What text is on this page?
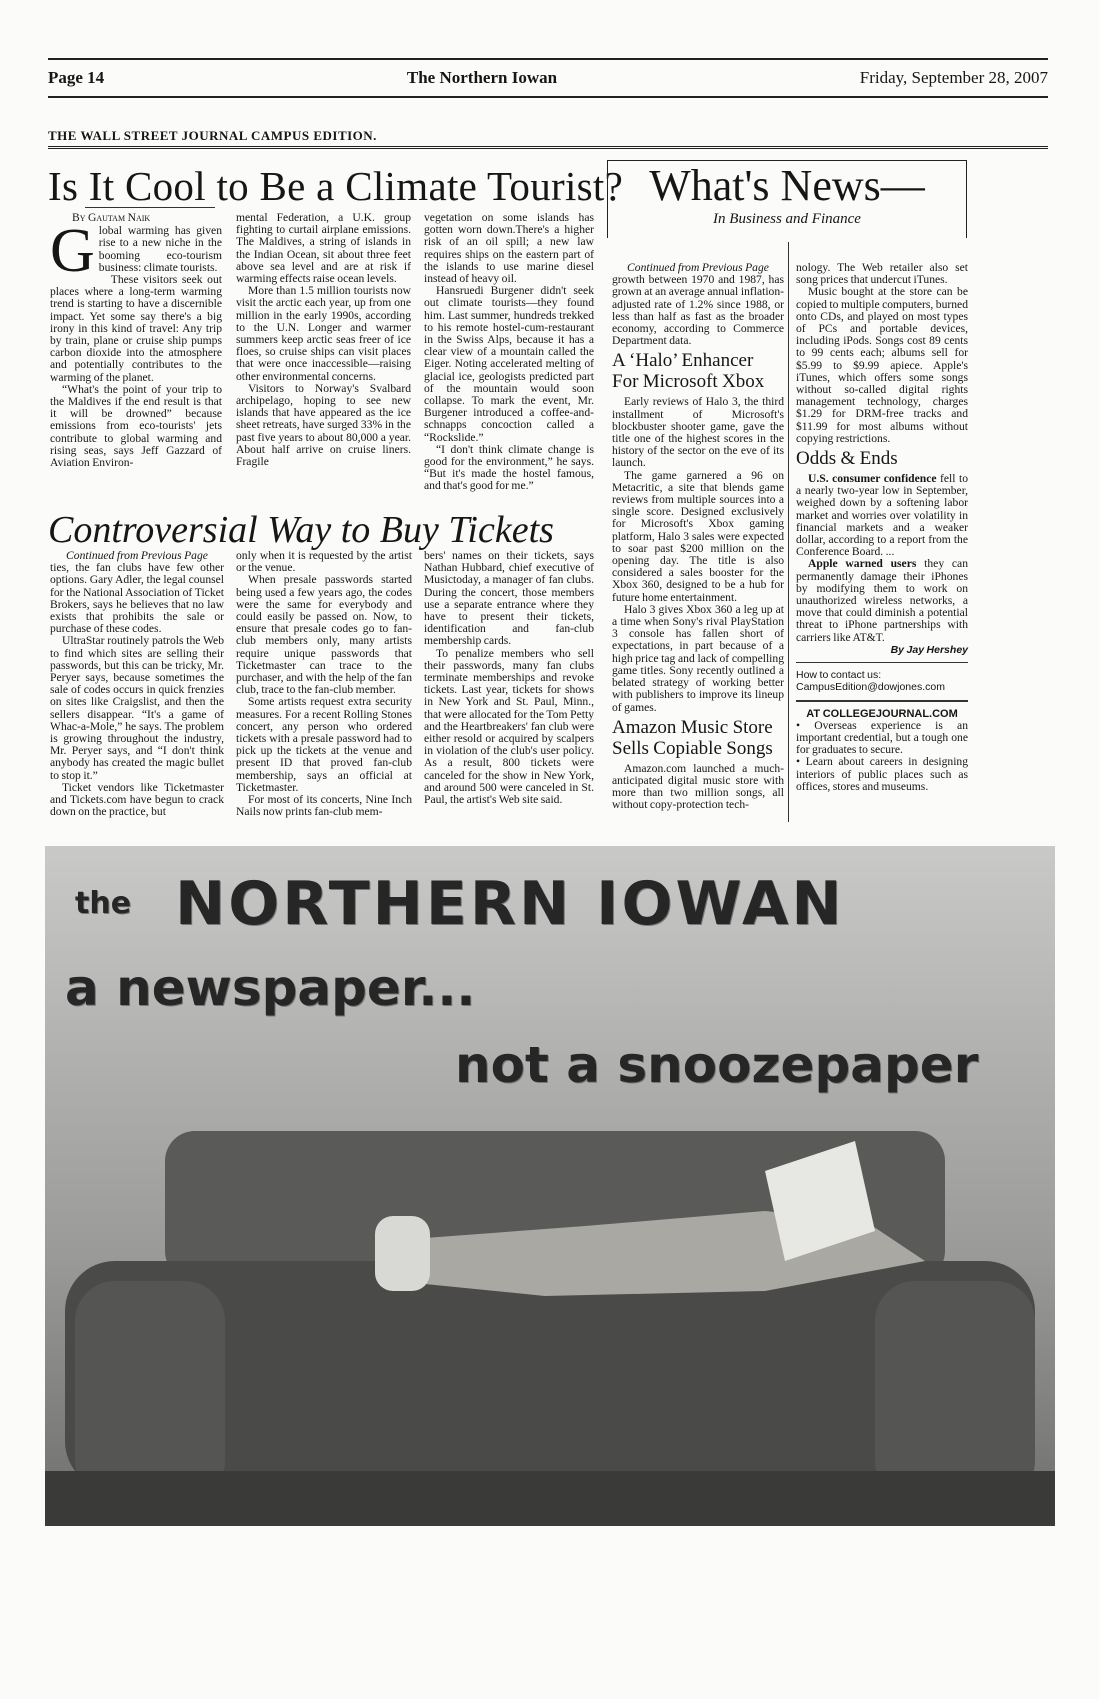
Page 14	The Northern Iowan	Friday, September 28, 2007
THE WALL STREET JOURNAL CAMPUS EDITION.
Is It Cool to Be a Climate Tourist?
By Gautam Naik
G lobal warming has given rise to a new niche in the booming eco-tourism business: climate tourists.

These visitors seek out places where a long-term warming trend is starting to have a discernible impact. Yet some say there's a big irony in this kind of travel: Any trip by train, plane or cruise ship pumps carbon dioxide into the atmosphere and potentially contributes to the warming of the planet.

“What's the point of your trip to the Maldives if the end result is that it will be drowned” because emissions from eco-tourists' jets contribute to global warming and rising seas, says Jeff Gazzard of Aviation Environ-

mental Federation, a U.K. group fighting to curtail airplane emissions. The Maldives, a string of islands in the Indian Ocean, sit about three feet above sea level and are at risk if warming effects raise ocean levels.

More than 1.5 million tourists now visit the arctic each year, up from one million in the early 1990s, according to the U.N. Longer and warmer summers keep arctic seas freer of ice floes, so cruise ships can visit places that were once inaccessible—raising other environmental concerns.

Visitors to Norway's Svalbard archipelago, hoping to see new islands that have appeared as the ice sheet retreats, have surged 33% in the past five years to about 80,000 a year. About half arrive on cruise liners. Fragile

vegetation on some islands has gotten worn down.There's a higher risk of an oil spill; a new law requires ships on the eastern part of the islands to use marine diesel instead of heavy oil.

Hansruedi Burgener didn't seek out climate tourists—they found him. Last summer, hundreds trekked to his remote hostel-cum-restaurant in the Swiss Alps, because it has a clear view of a mountain called the Eiger. Noting accelerated melting of glacial ice, geologists predicted part of the mountain would soon collapse. To mark the event, Mr. Burgener introduced a coffee-and-schnapps concoction called a “Rockslide.”

“I don't think climate change is good for the environment,” he says. “But it's made the hostel famous, and that's good for me.”

Controversial Way to Buy Tickets

Continued from Previous Page

ties, the fan clubs have few other options. Gary Adler, the legal counsel for the National Association of Ticket Brokers, says he believes that no law exists that prohibits the sale or purchase of these codes.

UltraStar routinely patrols the Web to find which sites are selling their passwords, but this can be tricky, Mr. Peryer says, because sometimes the sale of codes occurs in quick frenzies on sites like Craigslist, and then the sellers disappear. “It's a game of Whac-a-Mole,” he says. The problem is growing throughout the industry, Mr. Peryer says, and “I don't think anybody has created the magic bullet to stop it.”

Ticket vendors like Ticketmaster and Tickets.com have begun to crack down on the practice, but

only when it is requested by the artist or the venue.

When presale passwords started being used a few years ago, the codes were the same for everybody and could easily be passed on. Now, to ensure that presale codes go to fan-club members only, many artists require unique passwords that Ticketmaster can trace to the purchaser, and with the help of the fan club, trace to the fan-club member.

Some artists request extra security measures. For a recent Rolling Stones concert, any person who ordered tickets with a presale password had to pick up the tickets at the venue and present ID that proved fan-club membership, says an official at Ticketmaster.

For most of its concerts, Nine Inch Nails now prints fan-club mem-

bers' names on their tickets, says Nathan Hubbard, chief executive of Musictoday, a manager of fan clubs. During the concert, those members use a separate entrance where they have to present their tickets, identification and fan-club membership cards.

To penalize members who sell their passwords, many fan clubs terminate memberships and revoke tickets. Last year, tickets for shows in New York and St. Paul, Minn., that were allocated for the Tom Petty and the Heartbreakers' fan club were either resold or acquired by scalpers in violation of the club's user policy. As a result, 800 tickets were canceled for the show in New York, and around 500 were canceled in St. Paul, the artist's Web site said.

What's News—
In Business and Finance

Continued from Previous Page

growth between 1970 and 1987, has grown at an average annual inflation-adjusted rate of 1.2% since 1988, or less than half as fast as the broader economy, according to Commerce Department data.

A ‘Halo’ Enhancer For Microsoft Xbox

Early reviews of Halo 3, the third installment of Microsoft's blockbuster shooter game, gave the title one of the highest scores in the history of the sector on the eve of its launch.

The game garnered a 96 on Metacritic, a site that blends game reviews from multiple sources into a single score. Designed exclusively for Microsoft's Xbox gaming platform, Halo 3 sales were expected to soar past $200 million on the opening day. The title is also considered a sales booster for the Xbox 360, designed to be a hub for future home entertainment.

Halo 3 gives Xbox 360 a leg up at a time when Sony's rival PlayStation 3 console has fallen short of expectations, in part because of a high price tag and lack of compelling game titles. Sony recently outlined a belated strategy of working better with publishers to improve its lineup of games.

Amazon Music Store Sells Copiable Songs

Amazon.com launched a much-anticipated digital music store with more than two million songs, all without copy-protection tech-

nology. The Web retailer also set song prices that undercut iTunes.

Music bought at the store can be copied to multiple computers, burned onto CDs, and played on most types of PCs and portable devices, including iPods. Songs cost 89 cents to 99 cents each; albums sell for $5.99 to $9.99 apiece. Apple's iTunes, which offers some songs without so-called digital rights management technology, charges $1.29 for DRM-free tracks and $11.99 for most albums without copying restrictions.

Odds & Ends

U.S. consumer confidence fell to a nearly two-year low in September, weighed down by a softening labor market and worries over volatility in financial markets and a weaker dollar, according to a report from the Conference Board. ...

Apple warned users they can permanently damage their iPhones by modifying them to work on unauthorized wireless networks, a move that could diminish a potential threat to iPhone partnerships with carriers like AT&T.

By Jay Hershey

How to contact us:

CampusEdition@dowjones.com

AT COLLEGEJOURNAL.COM

• Overseas experience is an important credential, but a tough one for graduates to secure.

• Learn about careers in designing interiors of public places such as offices, stores and museums.

the NORTHERN IOWAN
a newspaper...
not a snoozepaper
